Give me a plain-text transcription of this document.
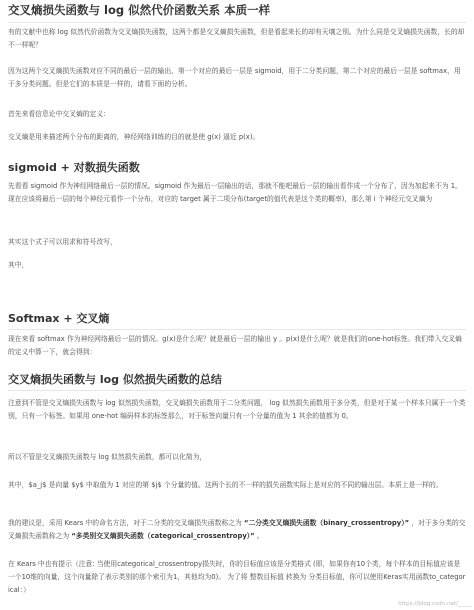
交叉熵损失函数与 log 似然代价函数关系 本质一样

有的文献中也称 log 似然代价函数为交叉熵损失函数，这两个都是交叉熵损失函数，但是看起来长的却有天壤之别。为什么同是交叉熵损失函数，长的却不一样呢？

因为这两个交叉熵损失函数对应不同的最后一层的输出，第一个对应的最后一层是 sigmoid，用于二分类问题，第二个对应的最后一层是 softmax，用于多分类问题。但是它们的本质是一样的，请看下面的分析。

首先来看信息论中交叉熵的定义：

交叉熵是用来描述两个分布的距离的，神经网络训练的目的就是使 g(x) 逼近 p(x)。

sigmoid + 对数损失函数

先看看 sigmoid 作为神经网络最后一层的情况。sigmoid 作为最后一层输出的话，那就不能吧最后一层的输出看作成一个分布了，因为加起来不为 1。现在应该将最后一层的每个神经元看作一个分布，对应的 target 属于二项分布(target的值代表是这个类的概率)，那么第 i 个神经元交叉熵为

其实这个式子可以用求和符号改写，

其中，

Softmax + 交叉熵

现在来看 softmax 作为神经网络最后一层的情况。g(x)是什么呢？就是最后一层的输出 y 。p(x)是什么呢？就是我们的one-hot标签。我们带入交叉熵的定义中算一下，就会得到：

交叉熵损失函数与 log 似然损失函数的总结

注意到不管是交叉熵损失函数与 log 似然损失函数，交叉熵损失函数用于二分类问题， log 似然损失函数用于多分类，但是对于某一个样本只属于一个类别，只有一个标签。如果用 one-hot 编码样本的标签那么，对于标签向量只有一个分量的值为 1 其余的值都为 0。

所以不管是交叉熵损失函数与 log 似然损失函数，都可以化简为，

其中，$a_j$ 是向量 $y$ 中取值为 1 对应的第 $j$ 个分量的值。这两个长的不一样的损失函数实际上是对应的不同的输出层。本质上是一样的。

我的建议是，采用 Kears 中的命名方法，对于二分类的交叉熵损失函数称之为 “二分类交叉熵损失函数（binary_crossentropy）” ，对于多分类的交叉熵损失函数称之为 “多类别交叉熵损失函数（categorical_crossentropy）” 。

在 Kears 中也有提示（注意: 当使用categorical_crossentropy损失时，你的目标值应该是分类格式 (即，如果你有10个类，每个样本的目标值应该是一个10维的向量，这个向量除了表示类别的那个索引为1，其他均为0)。 为了将 整数目标值 转换为 分类目标值，你可以使用Keras实用函数to_categorical：）

https://blog.csdn.net/_____
